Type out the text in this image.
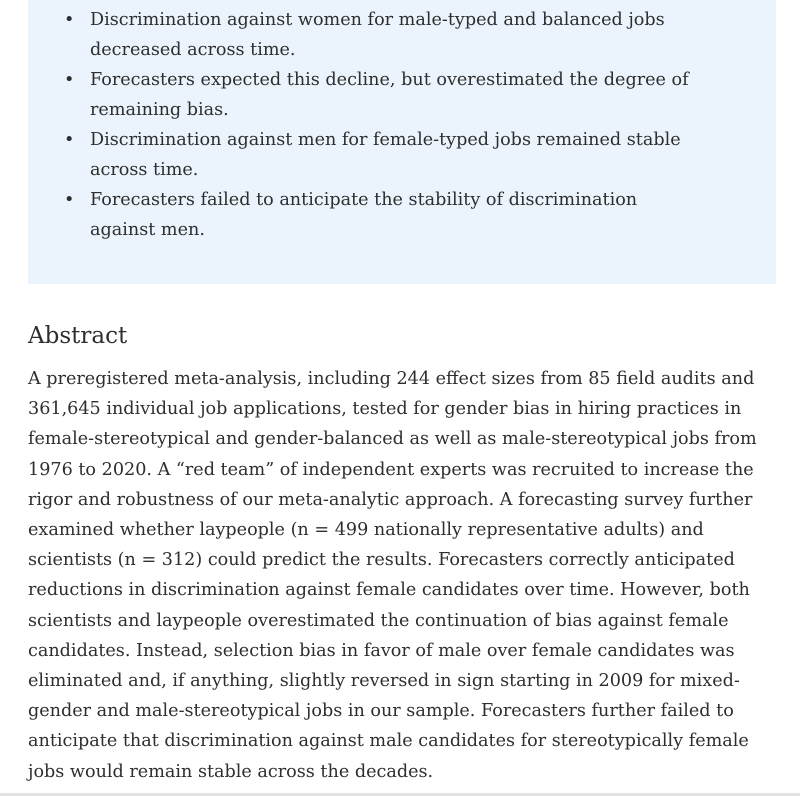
• Discrimination against women for male-typed and balanced jobs decreased across time.
• Forecasters expected this decline, but overestimated the degree of remaining bias.
• Discrimination against men for female-typed jobs remained stable across time.
• Forecasters failed to anticipate the stability of discrimination against men.
Abstract

A preregistered meta-analysis, including 244 effect sizes from 85 field audits and 361,645 individual job applications, tested for gender bias in hiring practices in female-stereotypical and gender-balanced as well as male-stereotypical jobs from 1976 to 2020. A “red team” of independent experts was recruited to increase the rigor and robustness of our meta-analytic approach. A forecasting survey further examined whether laypeople (n = 499 nationally representative adults) and scientists (n = 312) could predict the results. Forecasters correctly anticipated reductions in discrimination against female candidates over time. However, both scientists and laypeople overestimated the continuation of bias against female candidates. Instead, selection bias in favor of male over female candidates was eliminated and, if anything, slightly reversed in sign starting in 2009 for mixed-gender and male-stereotypical jobs in our sample. Forecasters further failed to anticipate that discrimination against male candidates for stereotypically female jobs would remain stable across the decades.
